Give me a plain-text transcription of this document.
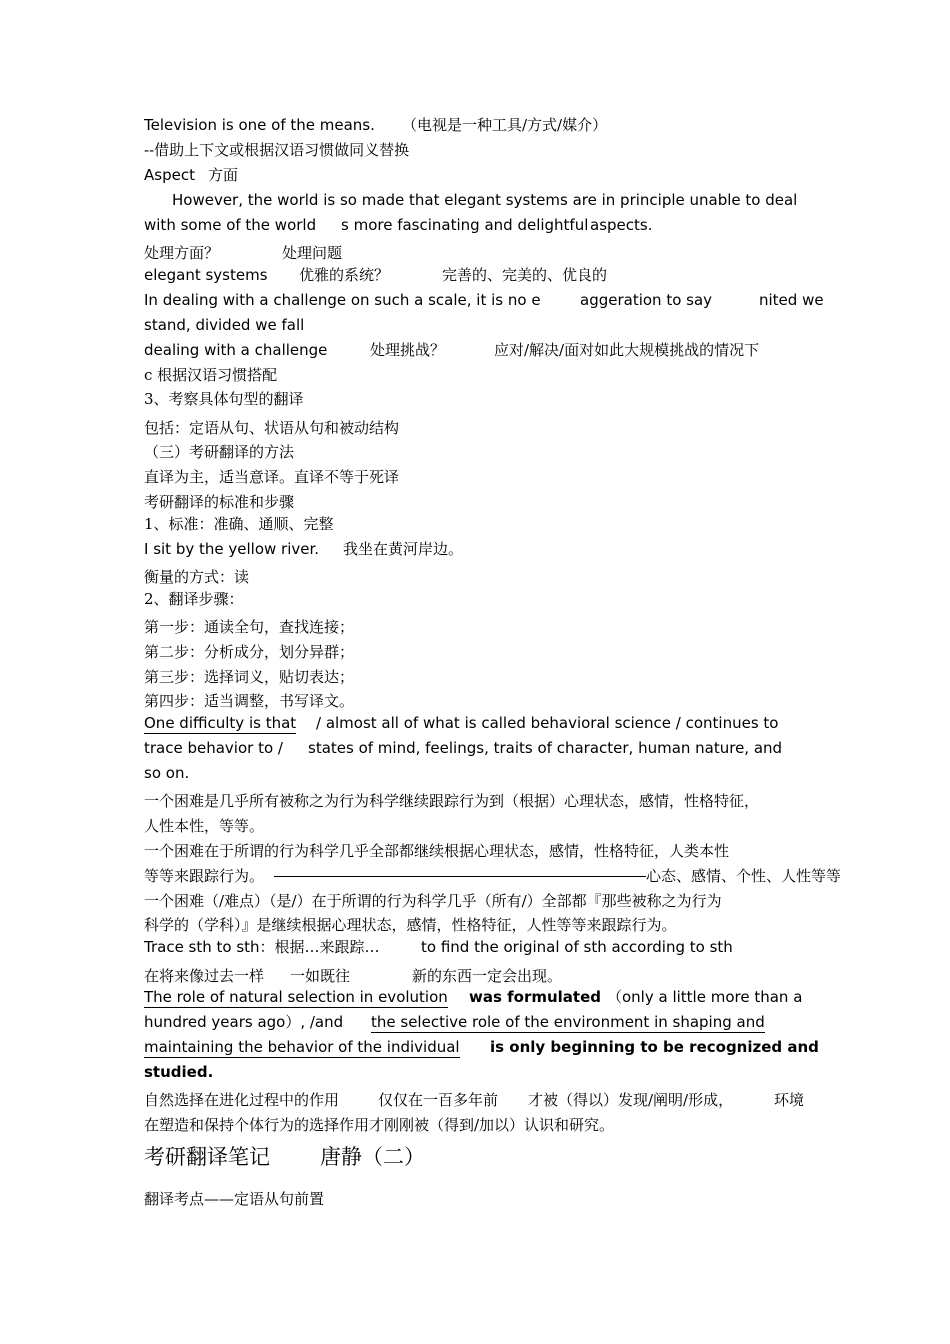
Television is one of the means. （电视是一种工具/方式/媒介）
--借助上下文或根据汉语习惯做同义替换
Aspect 方面
However, the world is so made that elegant systems are in principle unable to deal
with some of the world s more fascinating and delightful aspects.
处理方面？	处理问题
elegant systems 优雅的系统？	完善的、完美的、优良的
In dealing with a challenge on such a scale, it is no e	aggeration to say	nited we
stand, divided we fall
dealing with a challenge	处理挑战？	应对/解决/面对如此大规模挑战的情况下
c 根据汉语习惯搭配
3、考察具体句型的翻译
包括：定语从句、状语从句和被动结构
（三）考研翻译的方法
直译为主，适当意译。直译不等于死译
考研翻译的标准和步骤
1、标准：准确、通顺、完整
I sit by the yellow river. 我坐在黄河岸边。
衡量的方式：读
2、翻译步骤：
第一步：通读全句，查找连接；
第二步：分析成分，划分异群；
第三步：选择词义，贴切表达；
第四步：适当调整，书写译文。
One difficulty is that / almost all of what is called behavioral science / continues to
trace behavior to / states of mind, feelings, traits of character, human nature, and
so on.
一个困难是几乎所有被称之为行为科学继续跟踪行为到（根据）心理状态，感情，性格特征，
人性本性，等等。
一个困难在于所谓的行为科学几乎全部都继续根据心理状态，感情，性格特征，人类本性
等等来跟踪行为。	心态、感情、个性、人性等等
一个困难（/难点）（是/）在于所谓的行为科学几乎（所有/）全部都『那些被称之为行为
科学的（学科）』是继续根据心理状态，感情，性格特征，人性等等来跟踪行为。
Trace sth to sth：根据…来跟踪…	to find the original of sth according to sth
在将来像过去一样 一如既往	新的东西一定会出现。
The role of natural selection in evolution was formulated （only a little more than a
hundred years ago）, /and the selective role of the environment in shaping and
maintaining the behavior of the individual is only beginning to be recognized and
studied.
自然选择在进化过程中的作用	仅仅在一百多年前 才被（得以）发现/阐明/形成，	环境
在塑造和保持个体行为的选择作用才刚刚被（得到/加以）认识和研究。
考研翻译笔记 唐静（二）
翻译考点——定语从句前置
